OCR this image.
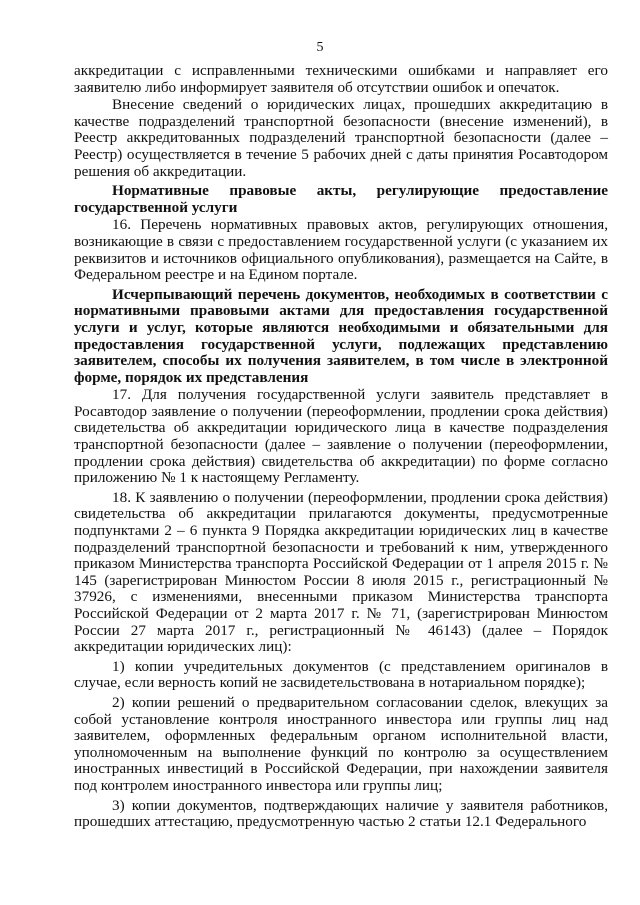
5

аккредитации с исправленными техническими ошибками и направляет его заявителю либо информирует заявителя об отсутствии ошибок и опечаток.

Внесение сведений о юридических лицах, прошедших аккредитацию в качестве подразделений транспортной безопасности (внесение изменений), в Реестр аккредитованных подразделений транспортной безопасности (далее – Реестр) осуществляется в течение 5 рабочих дней с даты принятия Росавтодором решения об аккредитации.

Нормативные правовые акты, регулирующие предоставление государственной услуги

16. Перечень нормативных правовых актов, регулирующих отношения, возникающие в связи с предоставлением государственной услуги (с указанием их реквизитов и источников официального опубликования), размещается на Сайте, в Федеральном реестре и на Едином портале.

Исчерпывающий перечень документов, необходимых в соответствии с нормативными правовыми актами для предоставления государственной услуги и услуг, которые являются необходимыми и обязательными для предоставления государственной услуги, подлежащих представлению заявителем, способы их получения заявителем, в том числе в электронной форме, порядок их представления

17. Для получения государственной услуги заявитель представляет в Росавтодор заявление о получении (переоформлении, продлении срока действия) свидетельства об аккредитации юридического лица в качестве подразделения транспортной безопасности (далее – заявление о получении (переоформлении, продлении срока действия) свидетельства об аккредитации) по форме согласно приложению № 1 к настоящему Регламенту.

18. К заявлению о получении (переоформлении, продлении срока действия) свидетельства об аккредитации прилагаются документы, предусмотренные подпунктами 2 – 6 пункта 9 Порядка аккредитации юридических лиц в качестве подразделений транспортной безопасности и требований к ним, утвержденного приказом Министерства транспорта Российской Федерации от 1 апреля 2015 г. № 145 (зарегистрирован Минюстом России 8 июля 2015 г., регистрационный № 37926, с изменениями, внесенными приказом Министерства транспорта Российской Федерации от 2 марта 2017 г. № 71, (зарегистрирован Минюстом России 27 марта 2017 г., регистрационный № 46143) (далее – Порядок аккредитации юридических лиц):

1) копии учредительных документов (с представлением оригиналов в случае, если верность копий не засвидетельствована в нотариальном порядке);

2) копии решений о предварительном согласовании сделок, влекущих за собой установление контроля иностранного инвестора или группы лиц над заявителем, оформленных федеральным органом исполнительной власти, уполномоченным на выполнение функций по контролю за осуществлением иностранных инвестиций в Российской Федерации, при нахождении заявителя под контролем иностранного инвестора или группы лиц;

3) копии документов, подтверждающих наличие у заявителя работников, прошедших аттестацию, предусмотренную частью 2 статьи 12.1 Федерального
